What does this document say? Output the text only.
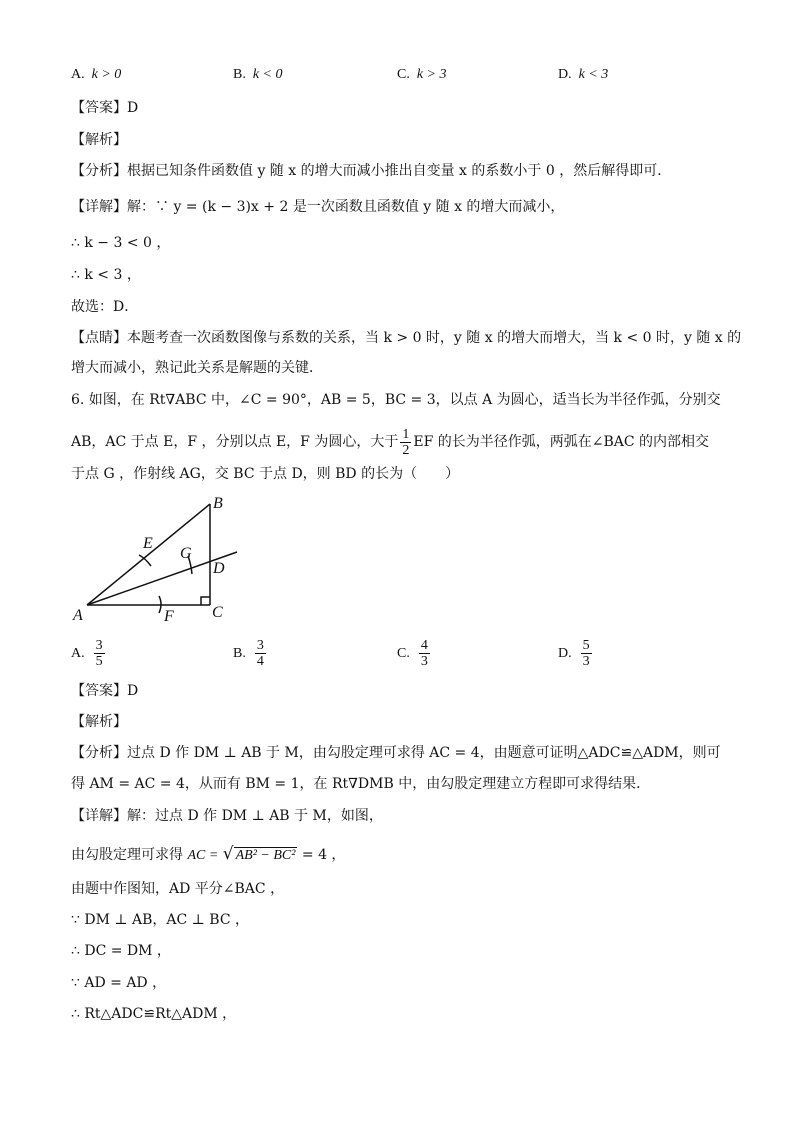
A. k > 0	B. k < 0	C. k > 3	D. k < 3
【答案】D
【解析】
【分析】根据已知条件函数值 y 随 x 的增大而减小推出自变量 x 的系数小于 0 ，然后解得即可．
【详解】解：∵ y = (k − 3)x + 2 是一次函数且函数值 y 随 x 的增大而减小，
∴ k − 3 < 0 ，
∴ k < 3 ，
故选：D．
【点睛】本题考查一次函数图像与系数的关系，当 k > 0 时，y 随 x 的增大而增大，当 k < 0 时，y 随 x 的
增大而减小，熟记此关系是解题的关键．
6. 如图，在 Rt∇ABC 中，∠C = 90°，AB = 5，BC = 3，以点 A 为圆心，适当长为半径作弧，分别交
AB，AC 于点 E，F ，分别以点 E，F 为圆心，大于 $\frac{1}{2}$ EF 的长为半径作弧，两弧在∠BAC 的内部相交
于点 G ，作射线 AG，交 BC 于点 D，则 BD 的长为（　　）
B
E
G
D
A	F C
A. $\frac{3}{5}$	B. $\frac{3}{4}$	C. $\frac{4}{3}$	D. $\frac{5}{3}$
【答案】D
【解析】
【分析】过点 D 作 DM ⊥ AB 于 M，由勾股定理可求得 AC = 4，由题意可证明△ADC≌△ADM，则可
得 AM = AC = 4，从而有 BM = 1，在 Rt∇DMB 中，由勾股定理建立方程即可求得结果．
【详解】解：过点 D 作 DM ⊥ AB 于 M，如图，
由勾股定理可求得 AC = √ AB² − BC² = 4 ，
由题中作图知，AD 平分∠BAC ，
∵ DM ⊥ AB，AC ⊥ BC ，
∴ DC = DM ，
∵ AD = AD ，
∴ Rt△ADC≌Rt△ADM ，
